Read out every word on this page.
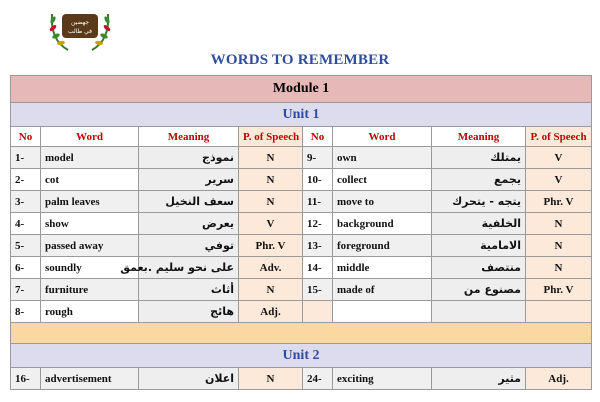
جهضين
في طالب
WORDS TO REMEMBER
Module 1							
Unit 1							
No	Word	Meaning	P. of Speech	No	Word	Meaning	P. of Speech
1-	model	نموذج	N	9-	own	يمتلك	V
2-	cot	سرير	N	10-	collect	يجمع	V
3-	palm leaves	سعف النخيل	N	11-	move to	يتجه - يتحرك	Phr. V
4-	show	يعرض	V	12-	background	الخلفية	N
5-	passed away	توفي	Phr. V	13-	foreground	الامامية	N
6-	soundly	على نحو سليم .بعمق	Adv.	14-	middle	منتصف	N
7-	furniture	أثاث	N	15-	made of	مصنوع من	Phr. V
8-	rough	هائج	Adj.				

Unit 2							
16-	advertisement	اعلان	N	24-	exciting	مثير	Adj.
